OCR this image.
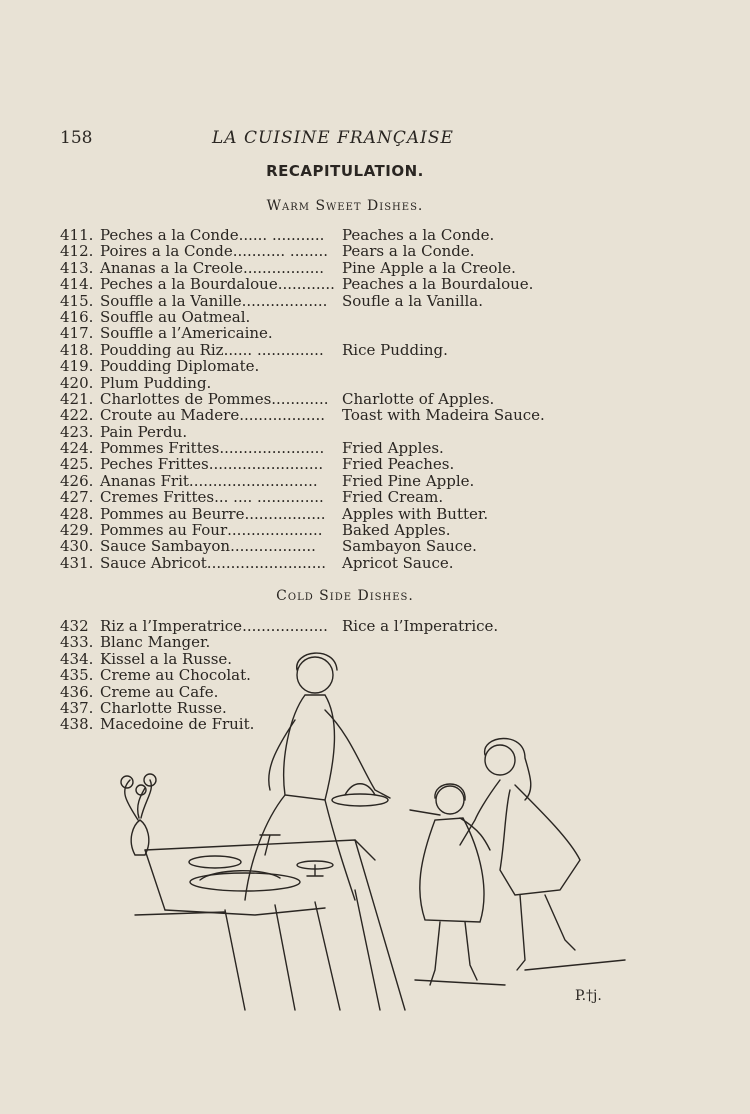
158	LA CUISINE FRANÇAISE
RECAPITULATION.
Warm Sweet Dishes.
411. Peches a la Conde...... ........... Peaches a la Conde.
412. Poires a la Conde........... ........ Pears a la Conde.
413. Ananas a la Creole................. Pine Apple a la Creole.
414. Peches a la Bourdaloue............ Peaches a la Bourdaloue.
415. Souffle a la Vanille.................. Soufle a la Vanilla.
416. Souffle au Oatmeal.
417. Souffle a l’Americaine.
418. Poudding au Riz...... .............. Rice Pudding.
419. Poudding Diplomate.
420. Plum Pudding.
421. Charlottes de Pommes............ Charlotte of Apples.
422. Croute au Madere.................. Toast with Madeira Sauce.
423. Pain Perdu.
424. Pommes Frittes...................... Fried Apples.
425. Peches Frittes........................ Fried Peaches.
426. Ananas Frit........................... Fried Pine Apple.
427. Cremes Frittes... .... .............. Fried Cream.
428. Pommes au Beurre................. Apples with Butter.
429. Pommes au Four.................... Baked Apples.
430. Sauce Sambayon.................. Sambayon Sauce.
431. Sauce Abricot......................... Apricot Sauce.
Cold Side Dishes.
432 Riz a l’Imperatrice.................. Rice a l’Imperatrice.
433. Blanc Manger.
434. Kissel a la Russe.
435. Creme au Chocolat.
436. Creme au Cafe.
437. Charlotte Russe.
438. Macedoine de Fruit.
P.†j.
